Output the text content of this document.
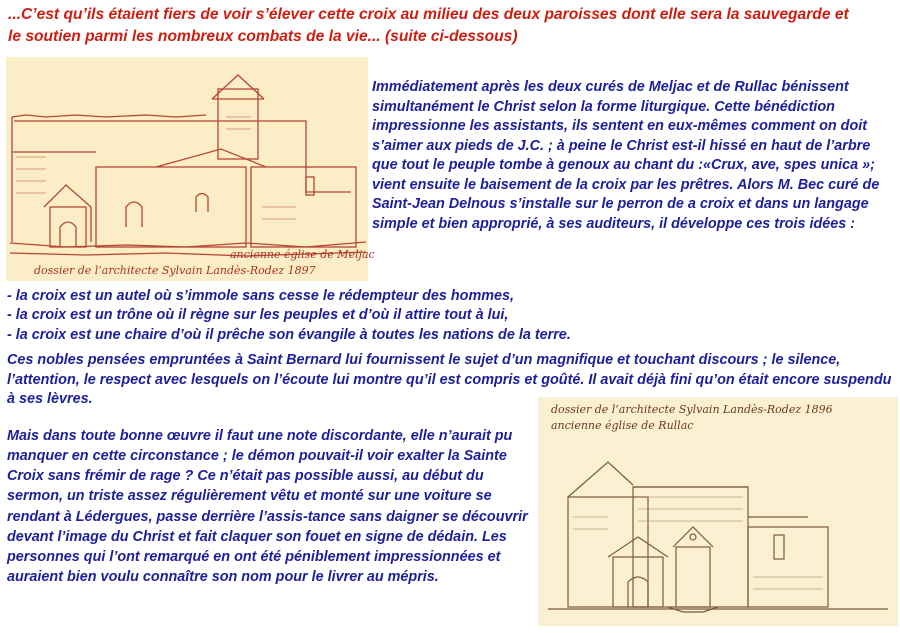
...C’est qu’ils étaient fiers de voir s’élever cette croix au milieu des deux paroisses dont elle sera la sauvegarde et
le soutien parmi les nombreux combats de la vie... (suite ci-dessous)
ancienne église de Meljac
dossier de l’architecte Sylvain Landès-Rodez 1897
Immédiatement après les deux curés de Meljac et de Rullac bénissent simultanément le Christ selon la forme liturgique. Cette bénédiction impressionne les assistants, ils sentent en eux-mêmes comment on doit s’aimer aux pieds de J.C. ; à peine le Christ est-il hissé en haut de l’arbre que tout le peuple tombe à genoux au chant du :«Crux, ave, spes unica »; vient ensuite le baisement de la croix par les prêtres. Alors M. Bec curé de Saint-Jean Delnous s’installe sur le perron de a croix et dans un langage simple et bien approprié, à ses auditeurs, il développe ces trois idées :
- la croix est un autel où s’immole sans cesse le rédempteur des hommes,
- la croix est un trône où il règne sur les peuples et d’où il attire tout à lui,
- la croix est une chaire d’où il prêche son évangile à toutes les nations de la terre.
Ces nobles pensées empruntées à Saint Bernard lui fournissent le sujet d’un magnifique et touchant discours ; le silence, l’attention, le respect avec lesquels on l’écoute lui montre qu’il est compris et goûté. Il avait déjà fini qu’on était encore suspendu à ses lèvres.
Mais dans toute bonne œuvre il faut une note discordante, elle n’aurait pu manquer en cette circonstance ; le démon pouvait-il voir exalter la Sainte Croix sans frémir de rage ? Ce n’était pas possible aussi, au début du sermon, un triste assez régulièrement vêtu et monté sur une voiture se rendant à Lédergues, passe derrière l’assis-tance sans daigner se découvrir devant l’image du Christ et fait claquer son fouet en signe de dédain. Les personnes qui l’ont remarqué en ont été péniblement impressionnées et auraient bien voulu connaître son nom pour le livrer au mépris.
dossier de l’architecte Sylvain Landès-Rodez 1896
ancienne église de Rullac
